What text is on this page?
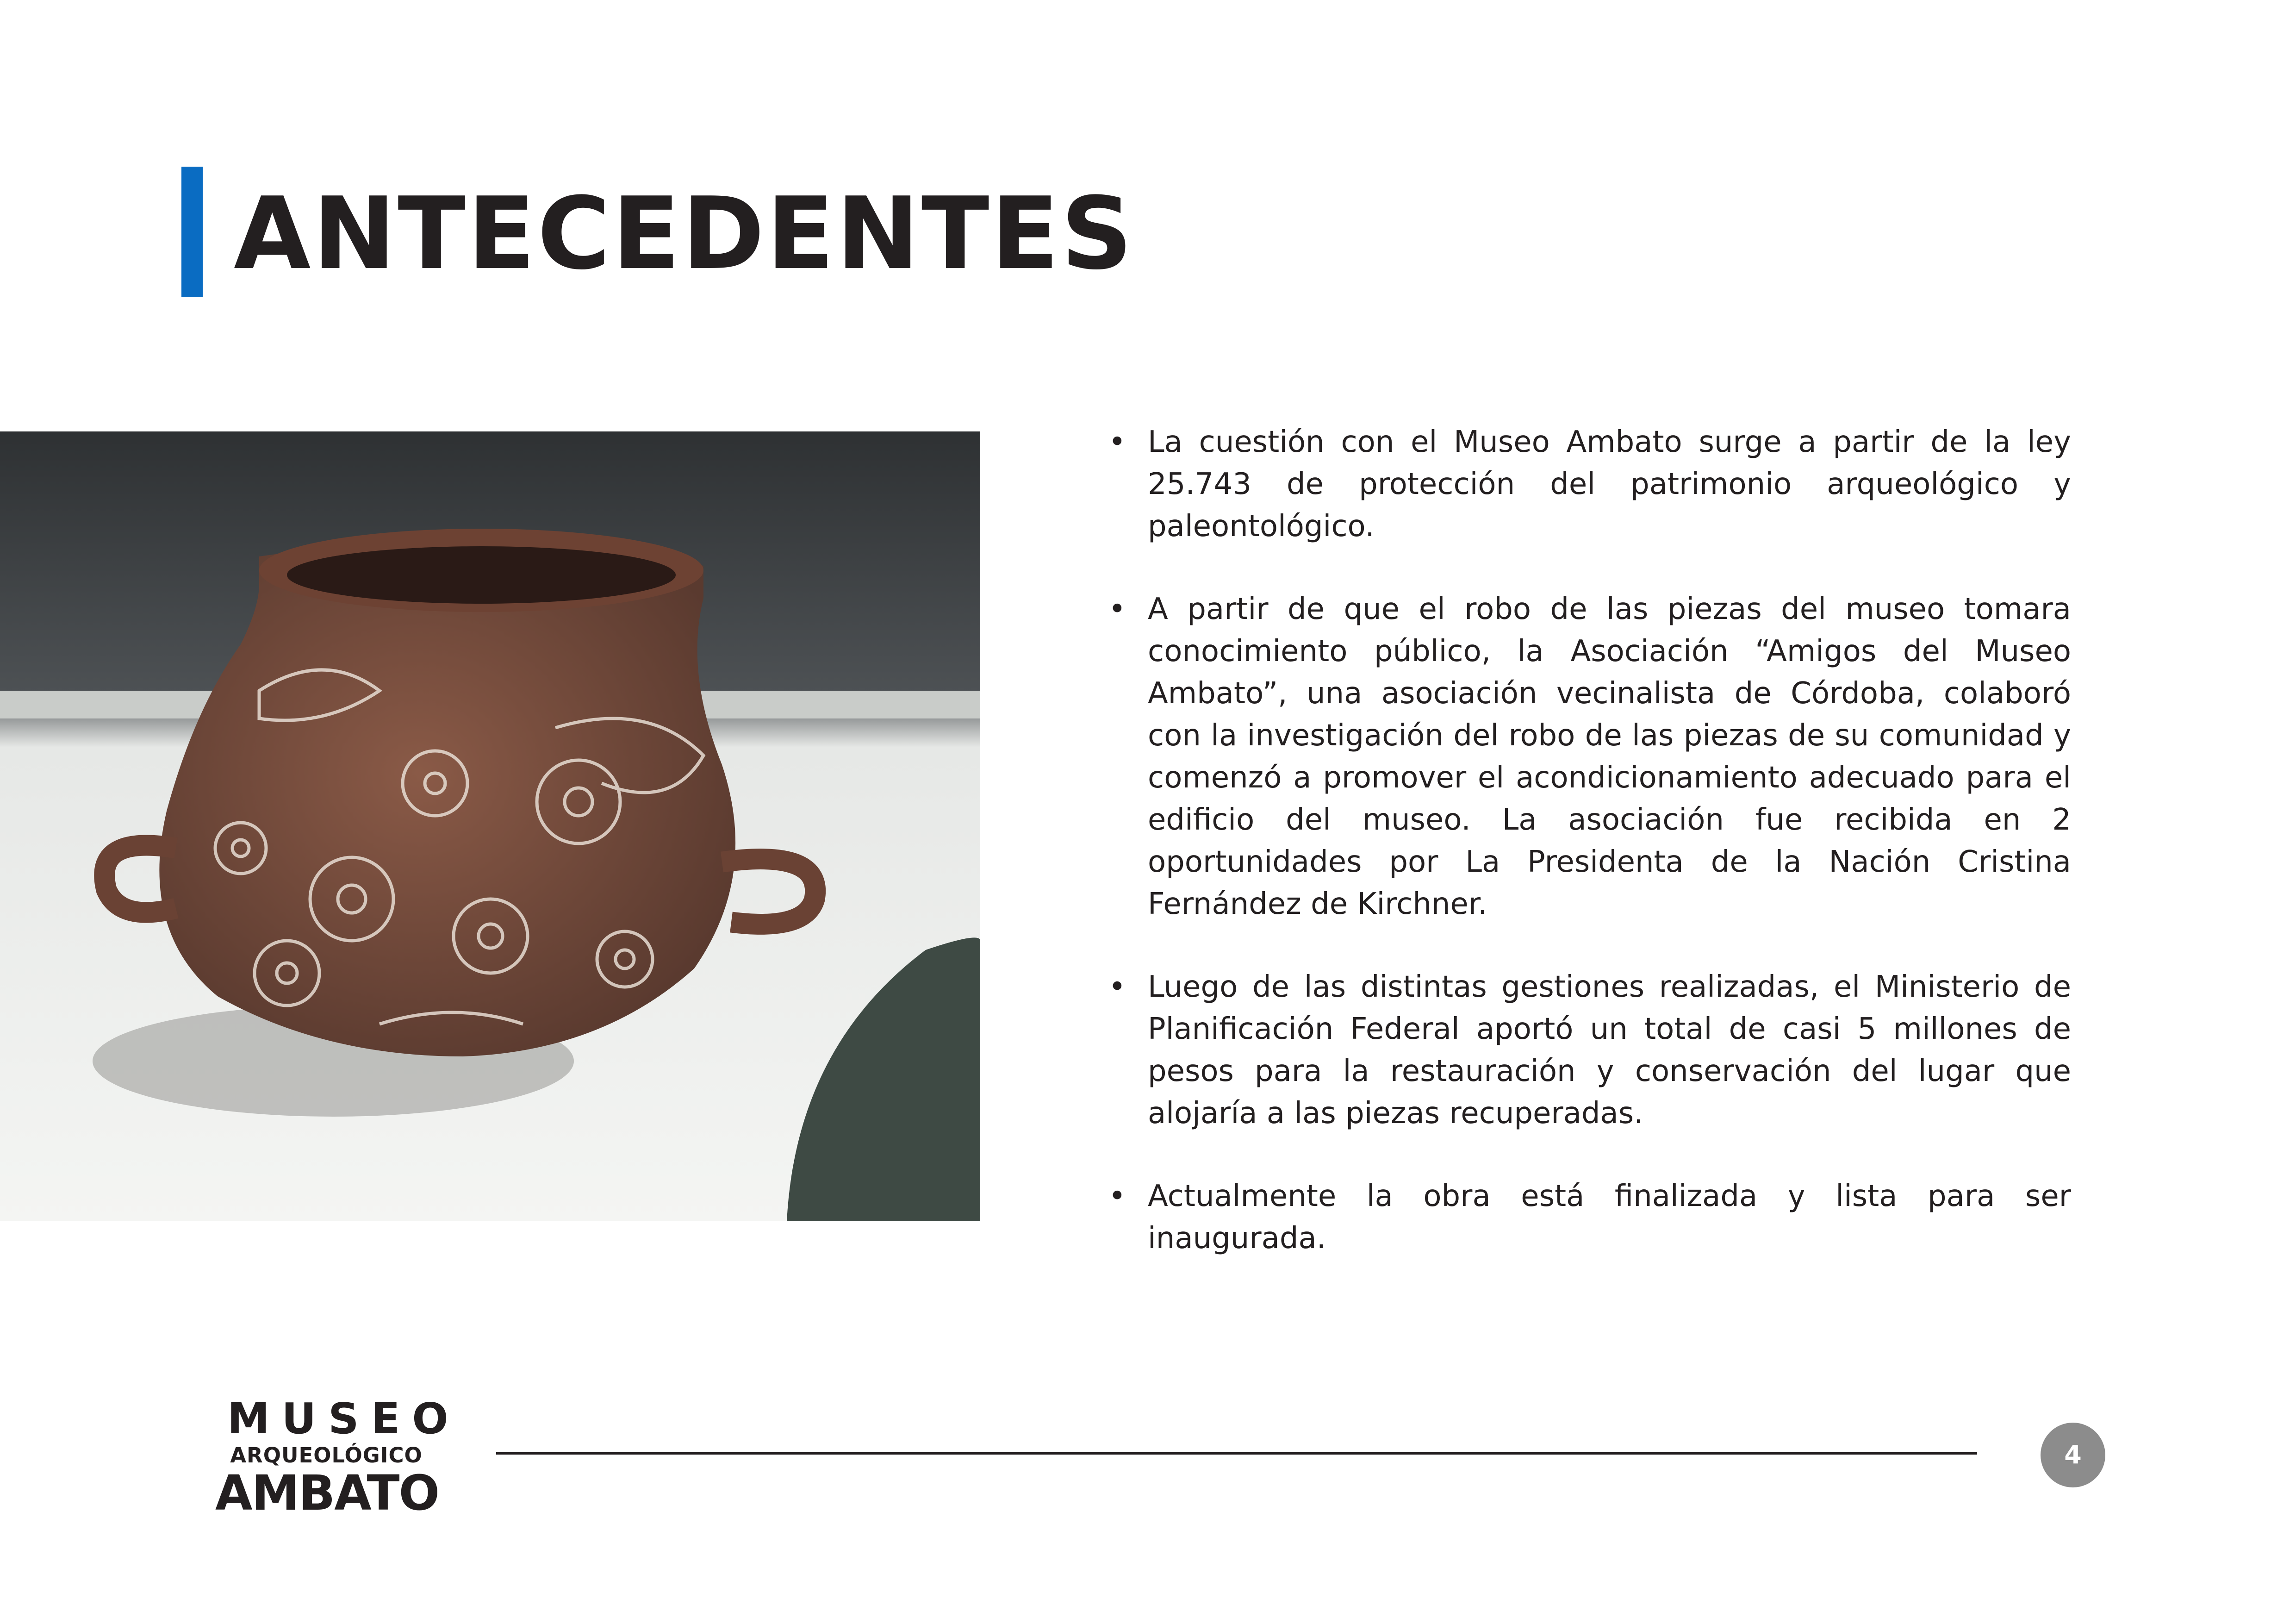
ANTECEDENTES
• La cuestión con el Museo Ambato surge a partir de la ley 25.743 de protección del patrimonio arqueológico y paleontológico.
• A partir de que el robo de las piezas del museo tomara conocimiento público, la Asociación “Amigos del Museo Ambato”, una asociación vecinalista de Córdoba, colaboró con la investigación del robo de las piezas de su comunidad y comenzó a promover el acondicionamiento adecuado para el edificio del museo. La asociación fue recibida en 2 oportunidades por La Presidenta de la Nación Cristina Fernández de Kirchner.
• Luego de las distintas gestiones realizadas, el Ministerio de Planificación Federal aportó un total de casi 5 millones de pesos para la restauración y conservación del lugar que alojaría a las piezas recuperadas.
• Actualmente la obra está finalizada y lista para ser inaugurada.
MUSEO
ARQUEOLÓGICO
AMBATO
4
